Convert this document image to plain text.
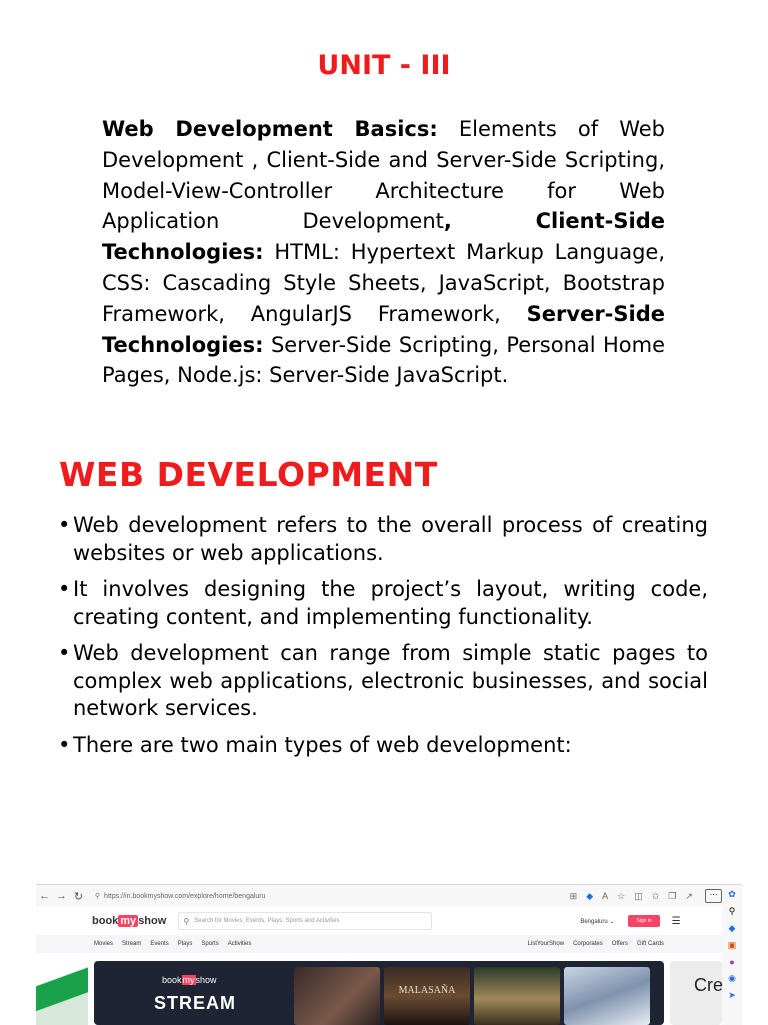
UNIT - III

Web Development Basics: Elements of Web Development , Client-Side and Server-Side Scripting, Model-View-Controller Architecture for Web Application Development, Client-Side Technologies: HTML: Hypertext Markup Language, CSS: Cascading Style Sheets, JavaScript, Bootstrap Framework, AngularJS Framework, Server-Side Technologies: Server-Side Scripting, Personal Home Pages, Node.js: Server-Side JavaScript.

WEB DEVELOPMENT
• Web development refers to the overall process of creating websites or web applications.
• It involves designing the project’s layout, writing code, creating content, and implementing functionality.
• Web development can range from simple static pages to complex web applications, electronic businesses, and social network services.
• There are two main types of web development:
← → ↻	⚲ https://in.bookmyshow.com/explore/home/bengaluru	⊞ ◆ A ☆ ◫ ✩ ❐ ↗	⋯	✿
⚲
◆
▣
●
◉
➤
book my show ⚲ Search for Movies, Events, Plays, Sports and Activities	Bengaluru ⌄	Sign in	☰
Movies Stream Events Plays Sports Activities	ListYourShow Corporates Offers Gift Cards
bookmyshow
STREAM
MALASAÑA	Cre
